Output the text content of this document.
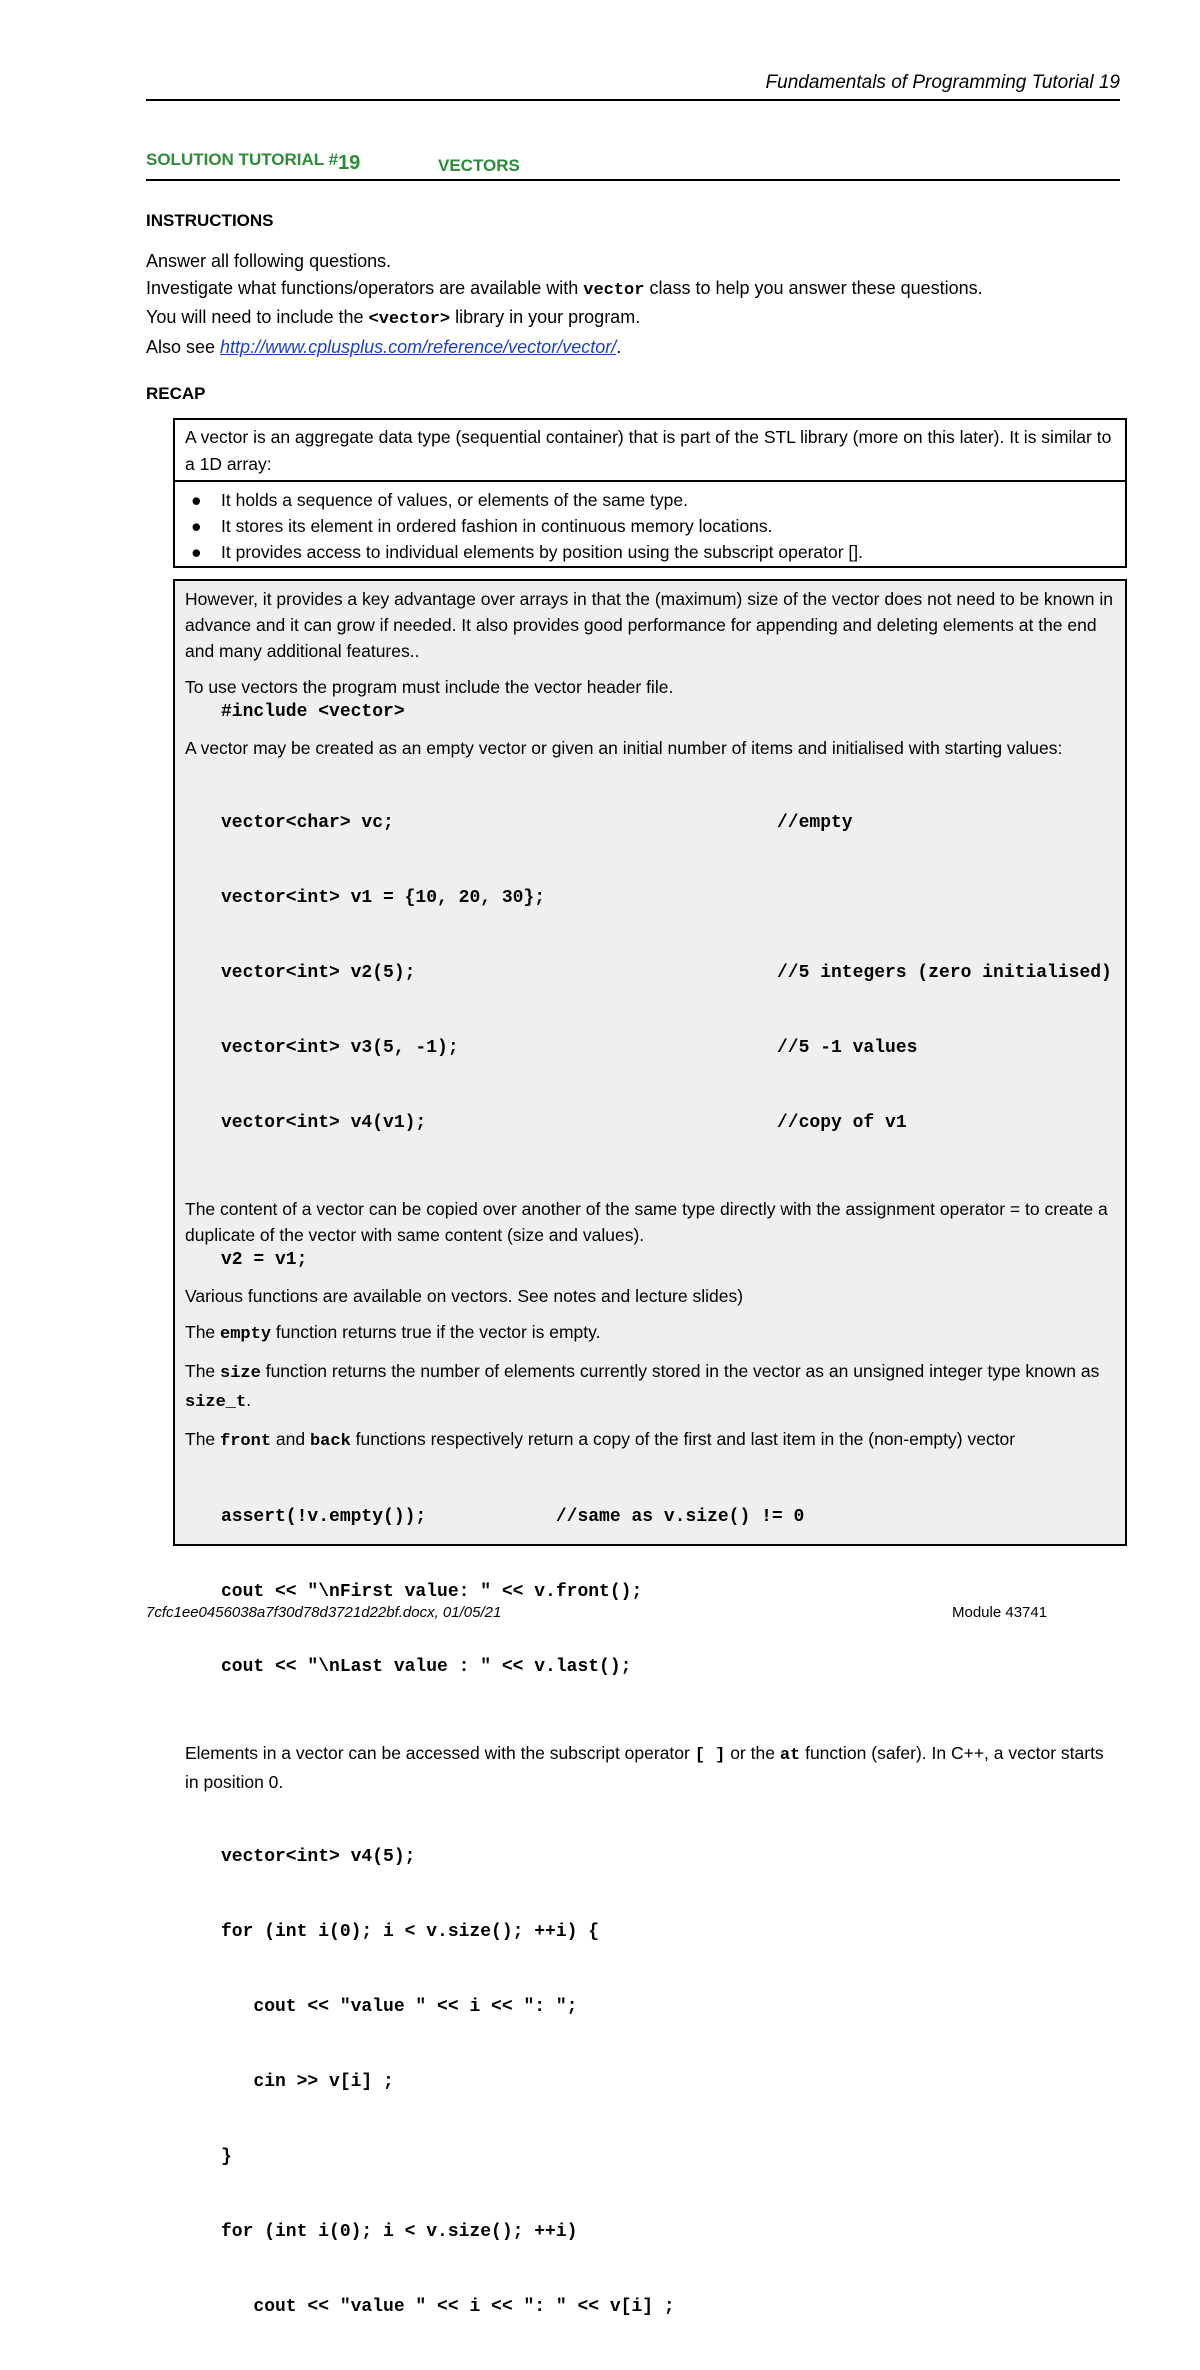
Fundamentals of Programming Tutorial 19
SOLUTION TUTORIAL #19	VECTORS
INSTRUCTIONS

Answer all following questions.

Investigate what functions/operators are available with vector class to help you answer these questions.

You will need to include the <vector> library in your program.

Also see http://www.cplusplus.com/reference/vector/vector/.

RECAP
A vector is an aggregate data type (sequential container) that is part of the STL library (more on this later). It is similar to a 1D array:
● It holds a sequence of values, or elements of the same type.
● It stores its element in ordered fashion in continuous memory locations.
● It provides access to individual elements by position using the subscript operator [].

However, it provides a key advantage over arrays in that the (maximum) size of the vector does not need to be known in advance and it can grow if needed. It also provides good performance for appending and deleting elements at the end and many additional features..

To use vectors the program must include the vector header file.

#include <vector>

A vector may be created as an empty vector or given an initial number of items and initialised with starting values:

vector<char> vc;	//empty

vector<int> v1 = {10, 20, 30};

vector<int> v2(5);	//5 integers (zero initialised)

vector<int> v3(5, -1);	//5 -1 values

vector<int> v4(v1);	//copy of v1

The content of a vector can be copied over another of the same type directly with the assignment operator = to create a duplicate of the vector with same content (size and values).

v2 = v1;

Various functions are available on vectors. See notes and lecture slides)

The empty function returns true if the vector is empty.

The size function returns the number of elements currently stored in the vector as an unsigned integer type known as size_t.

The front and back functions respectively return a copy of the first and last item in the (non-empty) vector

assert(!v.empty());            //same as v.size() != 0

cout << "\nFirst value: " << v.front();

cout << "\nLast value : " << v.last();

Elements in a vector can be accessed with the subscript operator [ ] or the at function (safer). In C++, a vector starts in position 0.

vector<int> v4(5);

for (int i(0); i < v.size(); ++i) {

cout << "value " << i << ": ";

cin >> v[i] ;

}

for (int i(0); i < v.size(); ++i)

cout << "value " << i << ": " << v[i] ;

7cfc1ee0456038a7f30d78d3721d22bf.docx, 01/05/21	Module 43741
